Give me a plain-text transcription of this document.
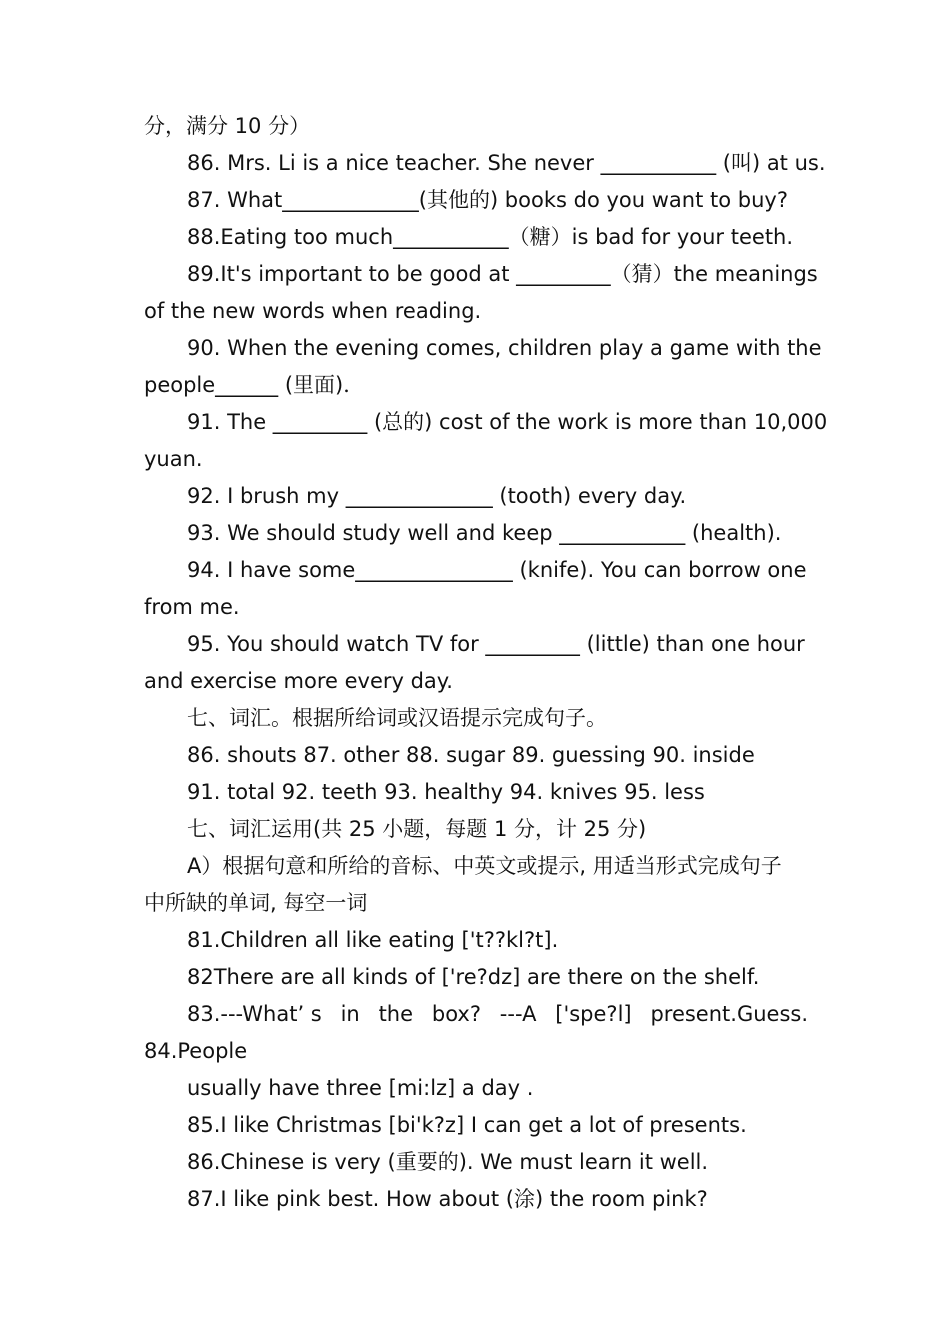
分，满分 10 分）
86. Mrs. Li is a nice teacher. She never ___________ (叫) at us.
87. What_____________(其他的) books do you want to buy?
88.Eating too much___________（糖）is bad for your teeth.
89.It's important to be good at _________（猜）the meanings
of the new words when reading.
90. When the evening comes, children play a game with the
people______ (里面)．
91. The _________ (总的) cost of the work is more than 10,000
yuan.
92. I brush my ______________ (tooth) every day.
93. We should study well and keep ____________ (health).
94. I have some_______________ (knife). You can borrow one
from me.
95. You should watch TV for _________ (little) than one hour
and exercise more every day.
七、词汇。根据所给词或汉语提示完成句子。
86. shouts 87. other 88. sugar 89. guessing 90. inside
91. total 92. teeth 93. healthy 94. knives 95. less
七、词汇运用(共 25 小题，每题 1 分，计 25 分)
A）根据句意和所给的音标、中英文或提示, 用适当形式完成句子
中所缺的单词, 每空一词
81.Children all like eating ['t??kl?t].
82There are all kinds of ['re?dz] are there on the shelf.
83.---What’ s in the box? ---A ['spe?l] present.Guess.
84.People
usually have three [mi:lz] a day .
85.I like Christmas [bi'k?z] I can get a lot of presents.
86.Chinese is very (重要的). We must learn it well.
87.I like pink best. How about (涂) the room pink?
